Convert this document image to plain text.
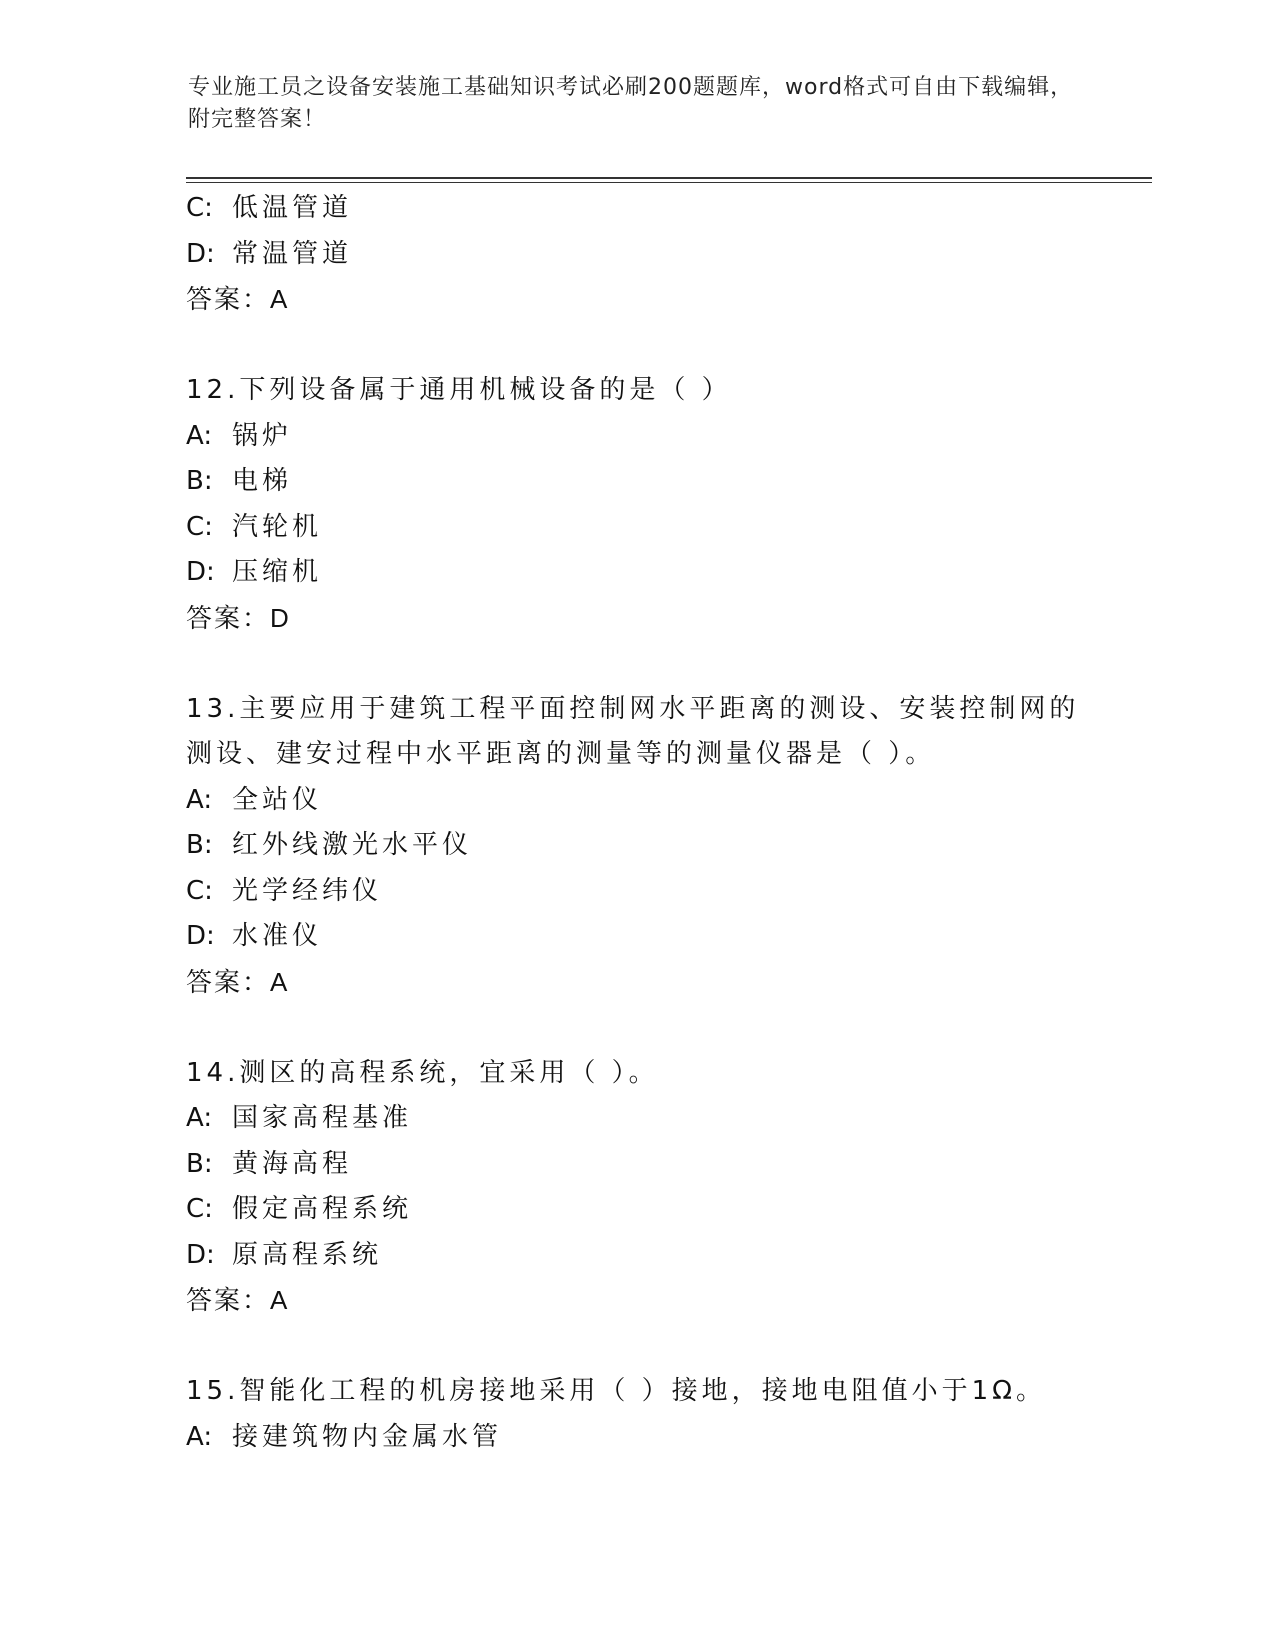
专业施工员之设备安装施工基础知识考试必刷200题题库，word格式可自由下载编辑，附完整答案！
C: 低温管道
D: 常温管道
答案：A
12.下列设备属于通用机械设备的是（ ）
A: 锅炉
B: 电梯
C: 汽轮机
D: 压缩机
答案：D
13.主要应用于建筑工程平面控制网水平距离的测设、安装控制网的测设、建安过程中水平距离的测量等的测量仪器是（ ）。
A: 全站仪
B: 红外线激光水平仪
C: 光学经纬仪
D: 水准仪
答案：A
14.测区的高程系统，宜采用（ ）。
A: 国家高程基准
B: 黄海高程
C: 假定高程系统
D: 原高程系统
答案：A
15.智能化工程的机房接地采用（ ）接地，接地电阻值小于1Ω。
A: 接建筑物内金属水管
